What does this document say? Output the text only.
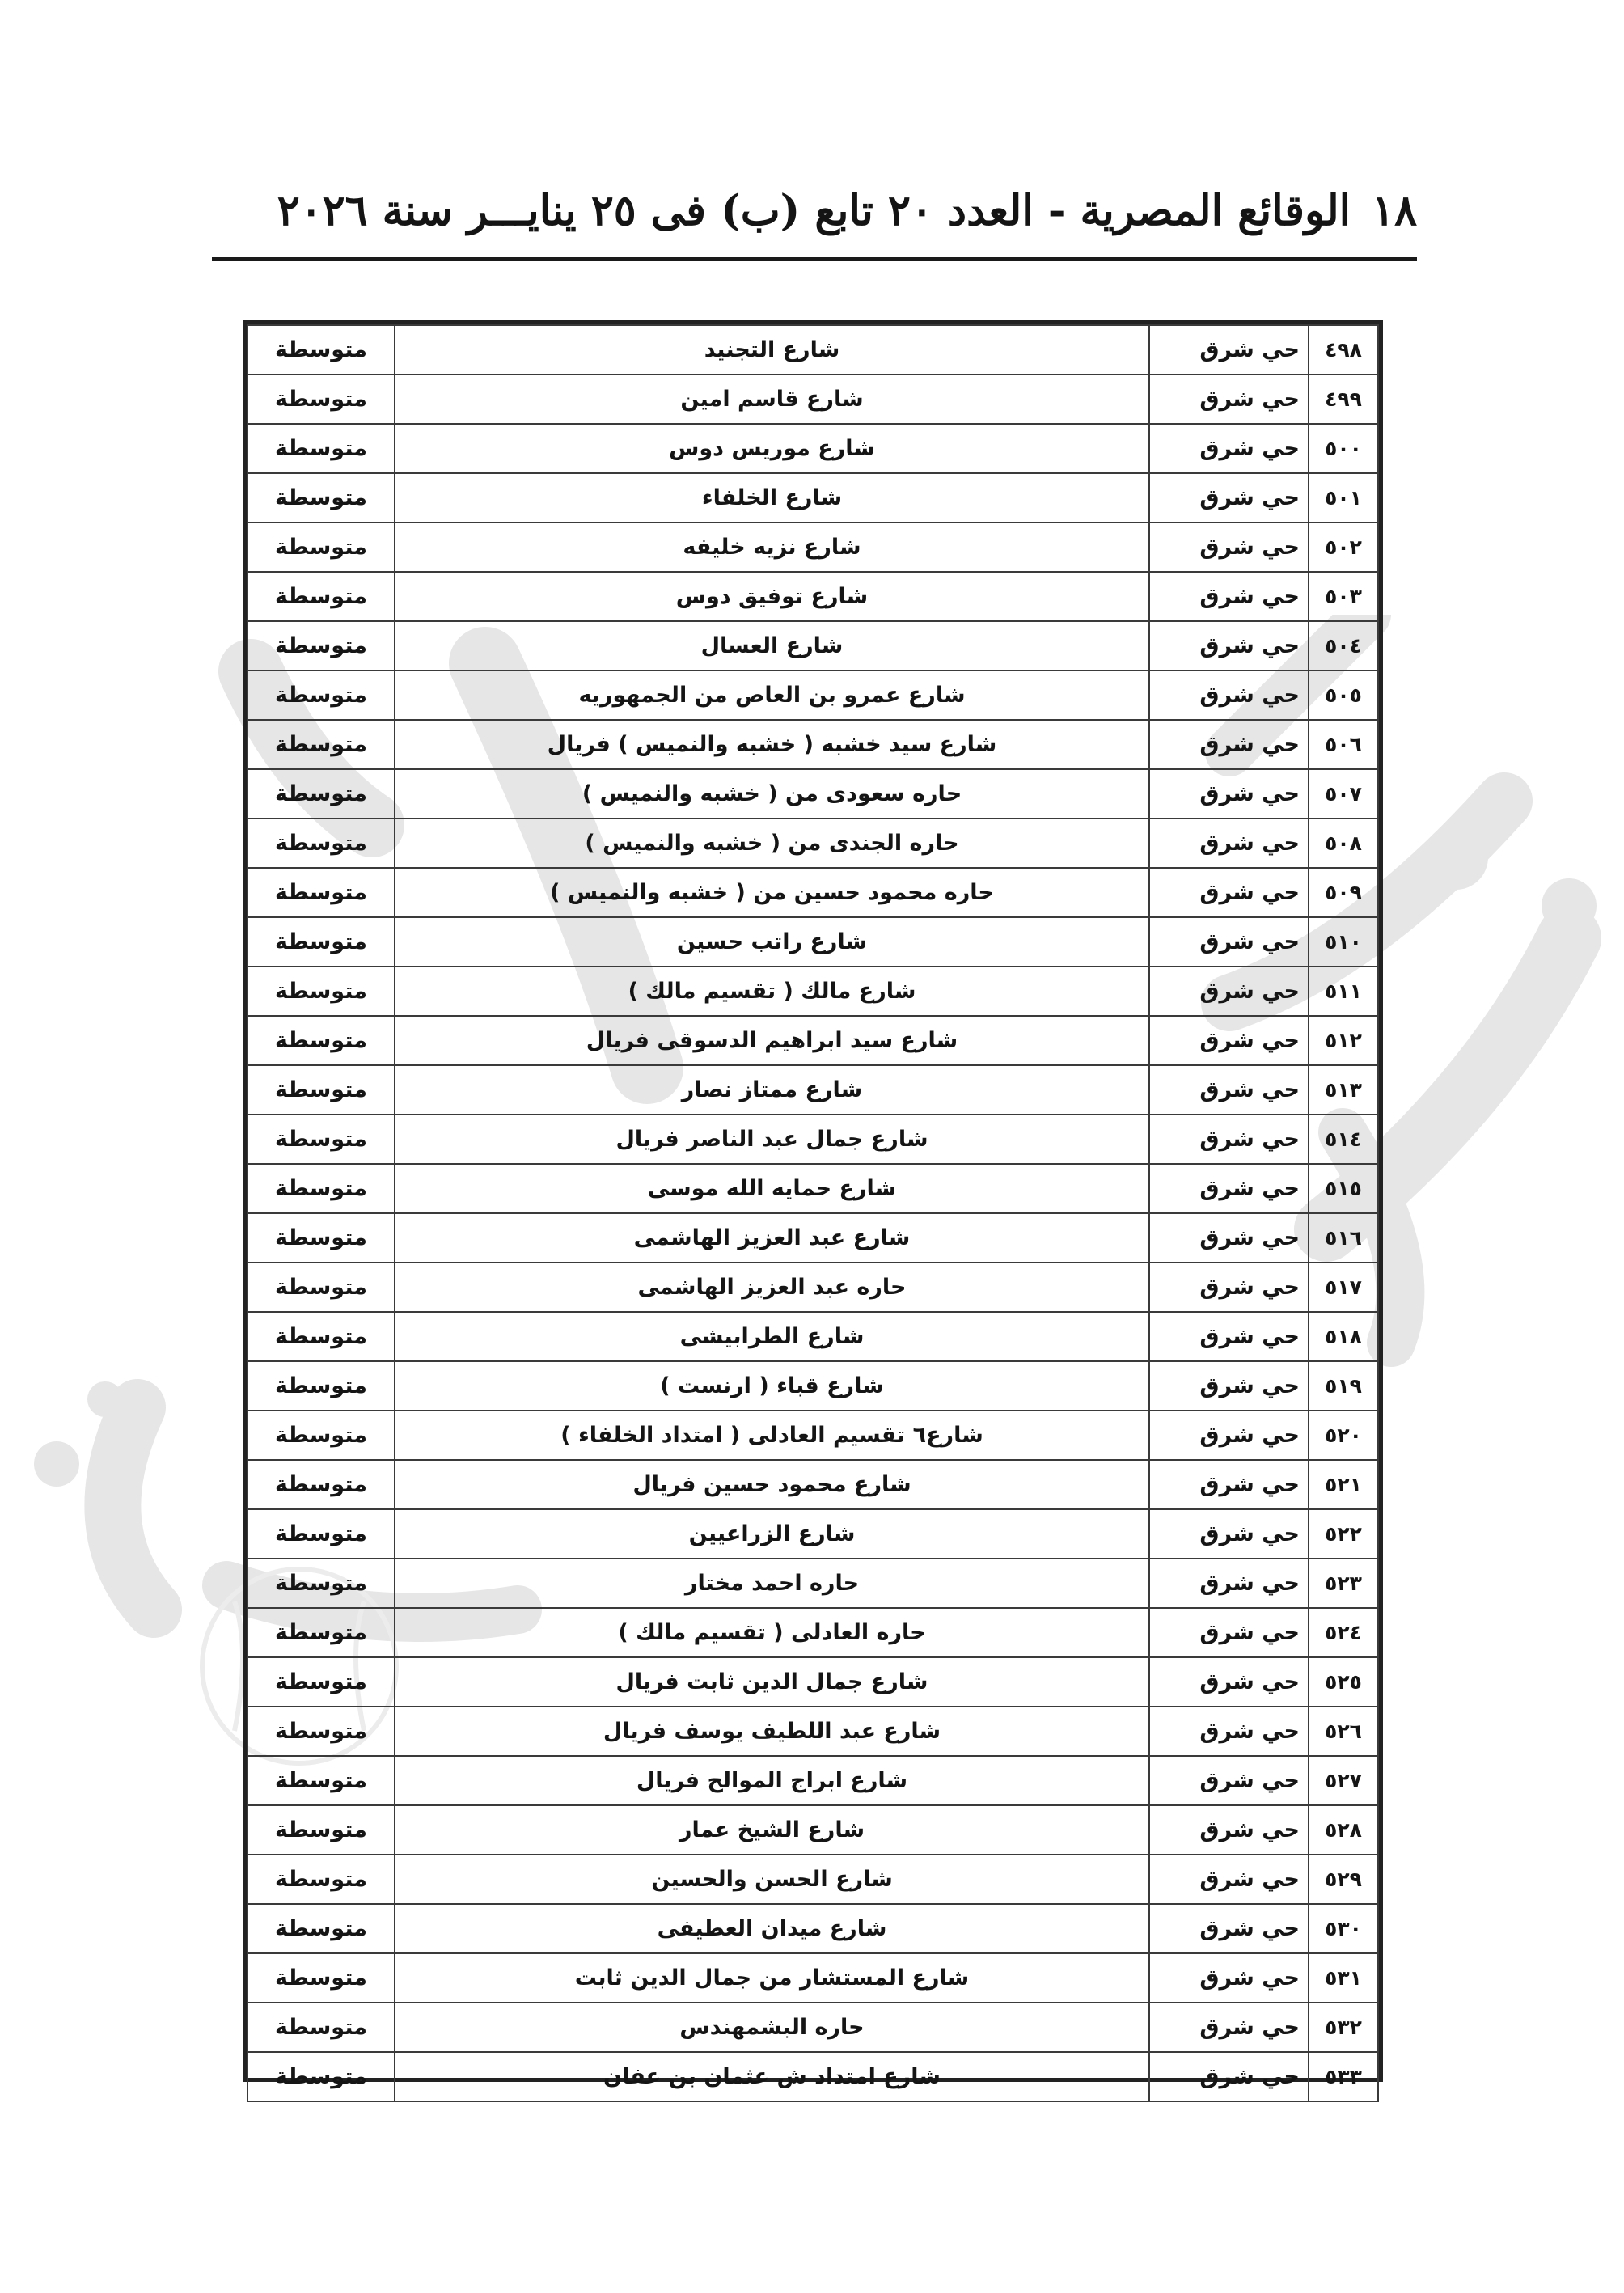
١٨
الوقائع المصرية - العدد ٢٠ تابع (ب) فى ٢٥ ينايـــر سنة ٢٠٢٦
٤٩٨	حي شرق	شارع التجنيد	متوسطة
٤٩٩	حي شرق	شارع قاسم امين	متوسطة
٥٠٠	حي شرق	شارع موريس دوس	متوسطة
٥٠١	حي شرق	شارع الخلفاء	متوسطة
٥٠٢	حي شرق	شارع نزيه خليفه	متوسطة
٥٠٣	حي شرق	شارع توفيق دوس	متوسطة
٥٠٤	حي شرق	شارع العسال	متوسطة
٥٠٥	حي شرق	شارع عمرو بن العاص من الجمهوريه	متوسطة
٥٠٦	حي شرق	شارع سيد خشبه ( خشبه والنميس ) فريال	متوسطة
٥٠٧	حي شرق	حاره سعودى من ( خشبه والنميس )	متوسطة
٥٠٨	حي شرق	حاره الجندى من ( خشبه والنميس )	متوسطة
٥٠٩	حي شرق	حاره محمود حسين من ( خشبه والنميس )	متوسطة
٥١٠	حي شرق	شارع راتب حسين	متوسطة
٥١١	حي شرق	شارع مالك ( تقسيم مالك )	متوسطة
٥١٢	حي شرق	شارع سيد ابراهيم الدسوقى فريال	متوسطة
٥١٣	حي شرق	شارع ممتاز نصار	متوسطة
٥١٤	حي شرق	شارع جمال عبد الناصر فريال	متوسطة
٥١٥	حي شرق	شارع حمايه الله موسى	متوسطة
٥١٦	حي شرق	شارع عبد العزيز الهاشمى	متوسطة
٥١٧	حي شرق	حاره عبد العزيز الهاشمى	متوسطة
٥١٨	حي شرق	شارع الطرابيشى	متوسطة
٥١٩	حي شرق	شارع قباء ( ارنست )	متوسطة
٥٢٠	حي شرق	شارع٦ تقسيم العادلى ( امتداد الخلفاء )	متوسطة
٥٢١	حي شرق	شارع محمود حسين فريال	متوسطة
٥٢٢	حي شرق	شارع الزراعيين	متوسطة
٥٢٣	حي شرق	حاره احمد مختار	متوسطة
٥٢٤	حي شرق	حاره العادلى ( تقسيم مالك )	متوسطة
٥٢٥	حي شرق	شارع جمال الدين ثابت فريال	متوسطة
٥٢٦	حي شرق	شارع عبد اللطيف يوسف فريال	متوسطة
٥٢٧	حي شرق	شارع ابراج الموالح فريال	متوسطة
٥٢٨	حي شرق	شارع الشيخ عمار	متوسطة
٥٢٩	حي شرق	شارع الحسن والحسين	متوسطة
٥٣٠	حي شرق	شارع ميدان العطيفى	متوسطة
٥٣١	حي شرق	شارع المستشار من جمال الدين ثابت	متوسطة
٥٣٢	حي شرق	حاره البشمهندس	متوسطة
٥٣٣	حي شرق	شارع امتداد ش عثمان بن عفان	متوسطة
